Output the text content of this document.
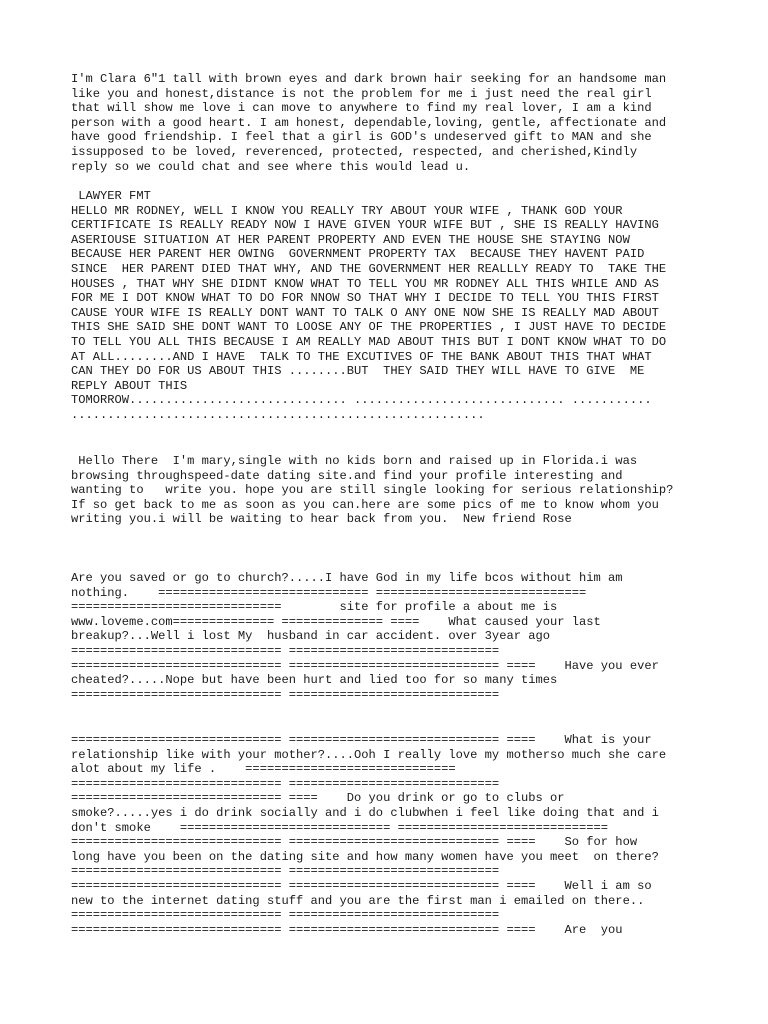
I'm Clara 6"1 tall with brown eyes and dark brown hair seeking for an handsome man

like you and honest,distance is not the problem for me i just need the real girl

that will show me love i can move to anywhere to find my real lover, I am a kind

person with a good heart. I am honest, dependable,loving, gentle, affectionate and

have good friendship. I feel that a girl is GOD's undeserved gift to MAN and she

issupposed to be loved, reverenced, protected, respected, and cherished,Kindly

reply so we could chat and see where this would lead u.

LAWYER FMT

HELLO MR RODNEY, WELL I KNOW YOU REALLY TRY ABOUT YOUR WIFE , THANK GOD YOUR

CERTIFICATE IS REALLY READY NOW I HAVE GIVEN YOUR WIFE BUT , SHE IS REALLY HAVING

ASERIOUSE SITUATION AT HER PARENT PROPERTY AND EVEN THE HOUSE SHE STAYING NOW

BECAUSE HER PARENT HER OWING  GOVERNMENT PROPERTY TAX  BECAUSE THEY HAVENT PAID

SINCE  HER PARENT DIED THAT WHY, AND THE GOVERNMENT HER REALLLY READY TO  TAKE THE

HOUSES , THAT WHY SHE DIDNT KNOW WHAT TO TELL YOU MR RODNEY ALL THIS WHILE AND AS

FOR ME I DOT KNOW WHAT TO DO FOR NNOW SO THAT WHY I DECIDE TO TELL YOU THIS FIRST

CAUSE YOUR WIFE IS REALLY DONT WANT TO TALK O ANY ONE NOW SHE IS REALLY MAD ABOUT

THIS SHE SAID SHE DONT WANT TO LOOSE ANY OF THE PROPERTIES , I JUST HAVE TO DECIDE

TO TELL YOU ALL THIS BECAUSE I AM REALLY MAD ABOUT THIS BUT I DONT KNOW WHAT TO DO

AT ALL........AND I HAVE  TALK TO THE EXCUTIVES OF THE BANK ABOUT THIS THAT WHAT

CAN THEY DO FOR US ABOUT THIS ........BUT  THEY SAID THEY WILL HAVE TO GIVE  ME

REPLY ABOUT THIS

TOMORROW.............................. ............................. ...........

.........................................................

Hello There  I'm mary,single with no kids born and raised up in Florida.i was

browsing throughspeed-date dating site.and find your profile interesting and

wanting to   write you. hope you are still single looking for serious relationship?

If so get back to me as soon as you can.here are some pics of me to know whom you

writing you.i will be waiting to hear back from you.  New friend Rose

Are you saved or go to church?.....I have God in my life bcos without him am

nothing.    ============================= =============================

=============================        site for profile a about me is

www.loveme.com============== ============== ====    What caused your last

breakup?...Well i lost My  husband in car accident. over 3year ago

============================= =============================

============================= ============================= ====    Have you ever

cheated?.....Nope but have been hurt and lied too for so many times

============================= =============================

============================= ============================= ====    What is your

relationship like with your mother?....Ooh I really love my motherso much she care

alot about my life .    =============================

============================= =============================

============================= ====    Do you drink or go to clubs or

smoke?.....yes i do drink socially and i do clubwhen i feel like doing that and i

don't smoke    ============================= =============================

============================= ============================= ====    So for how

long have you been on the dating site and how many women have you meet  on there?

============================= =============================

============================= ============================= ====    Well i am so

new to the internet dating stuff and you are the first man i emailed on there..

============================= =============================

============================= ============================= ====    Are  you
